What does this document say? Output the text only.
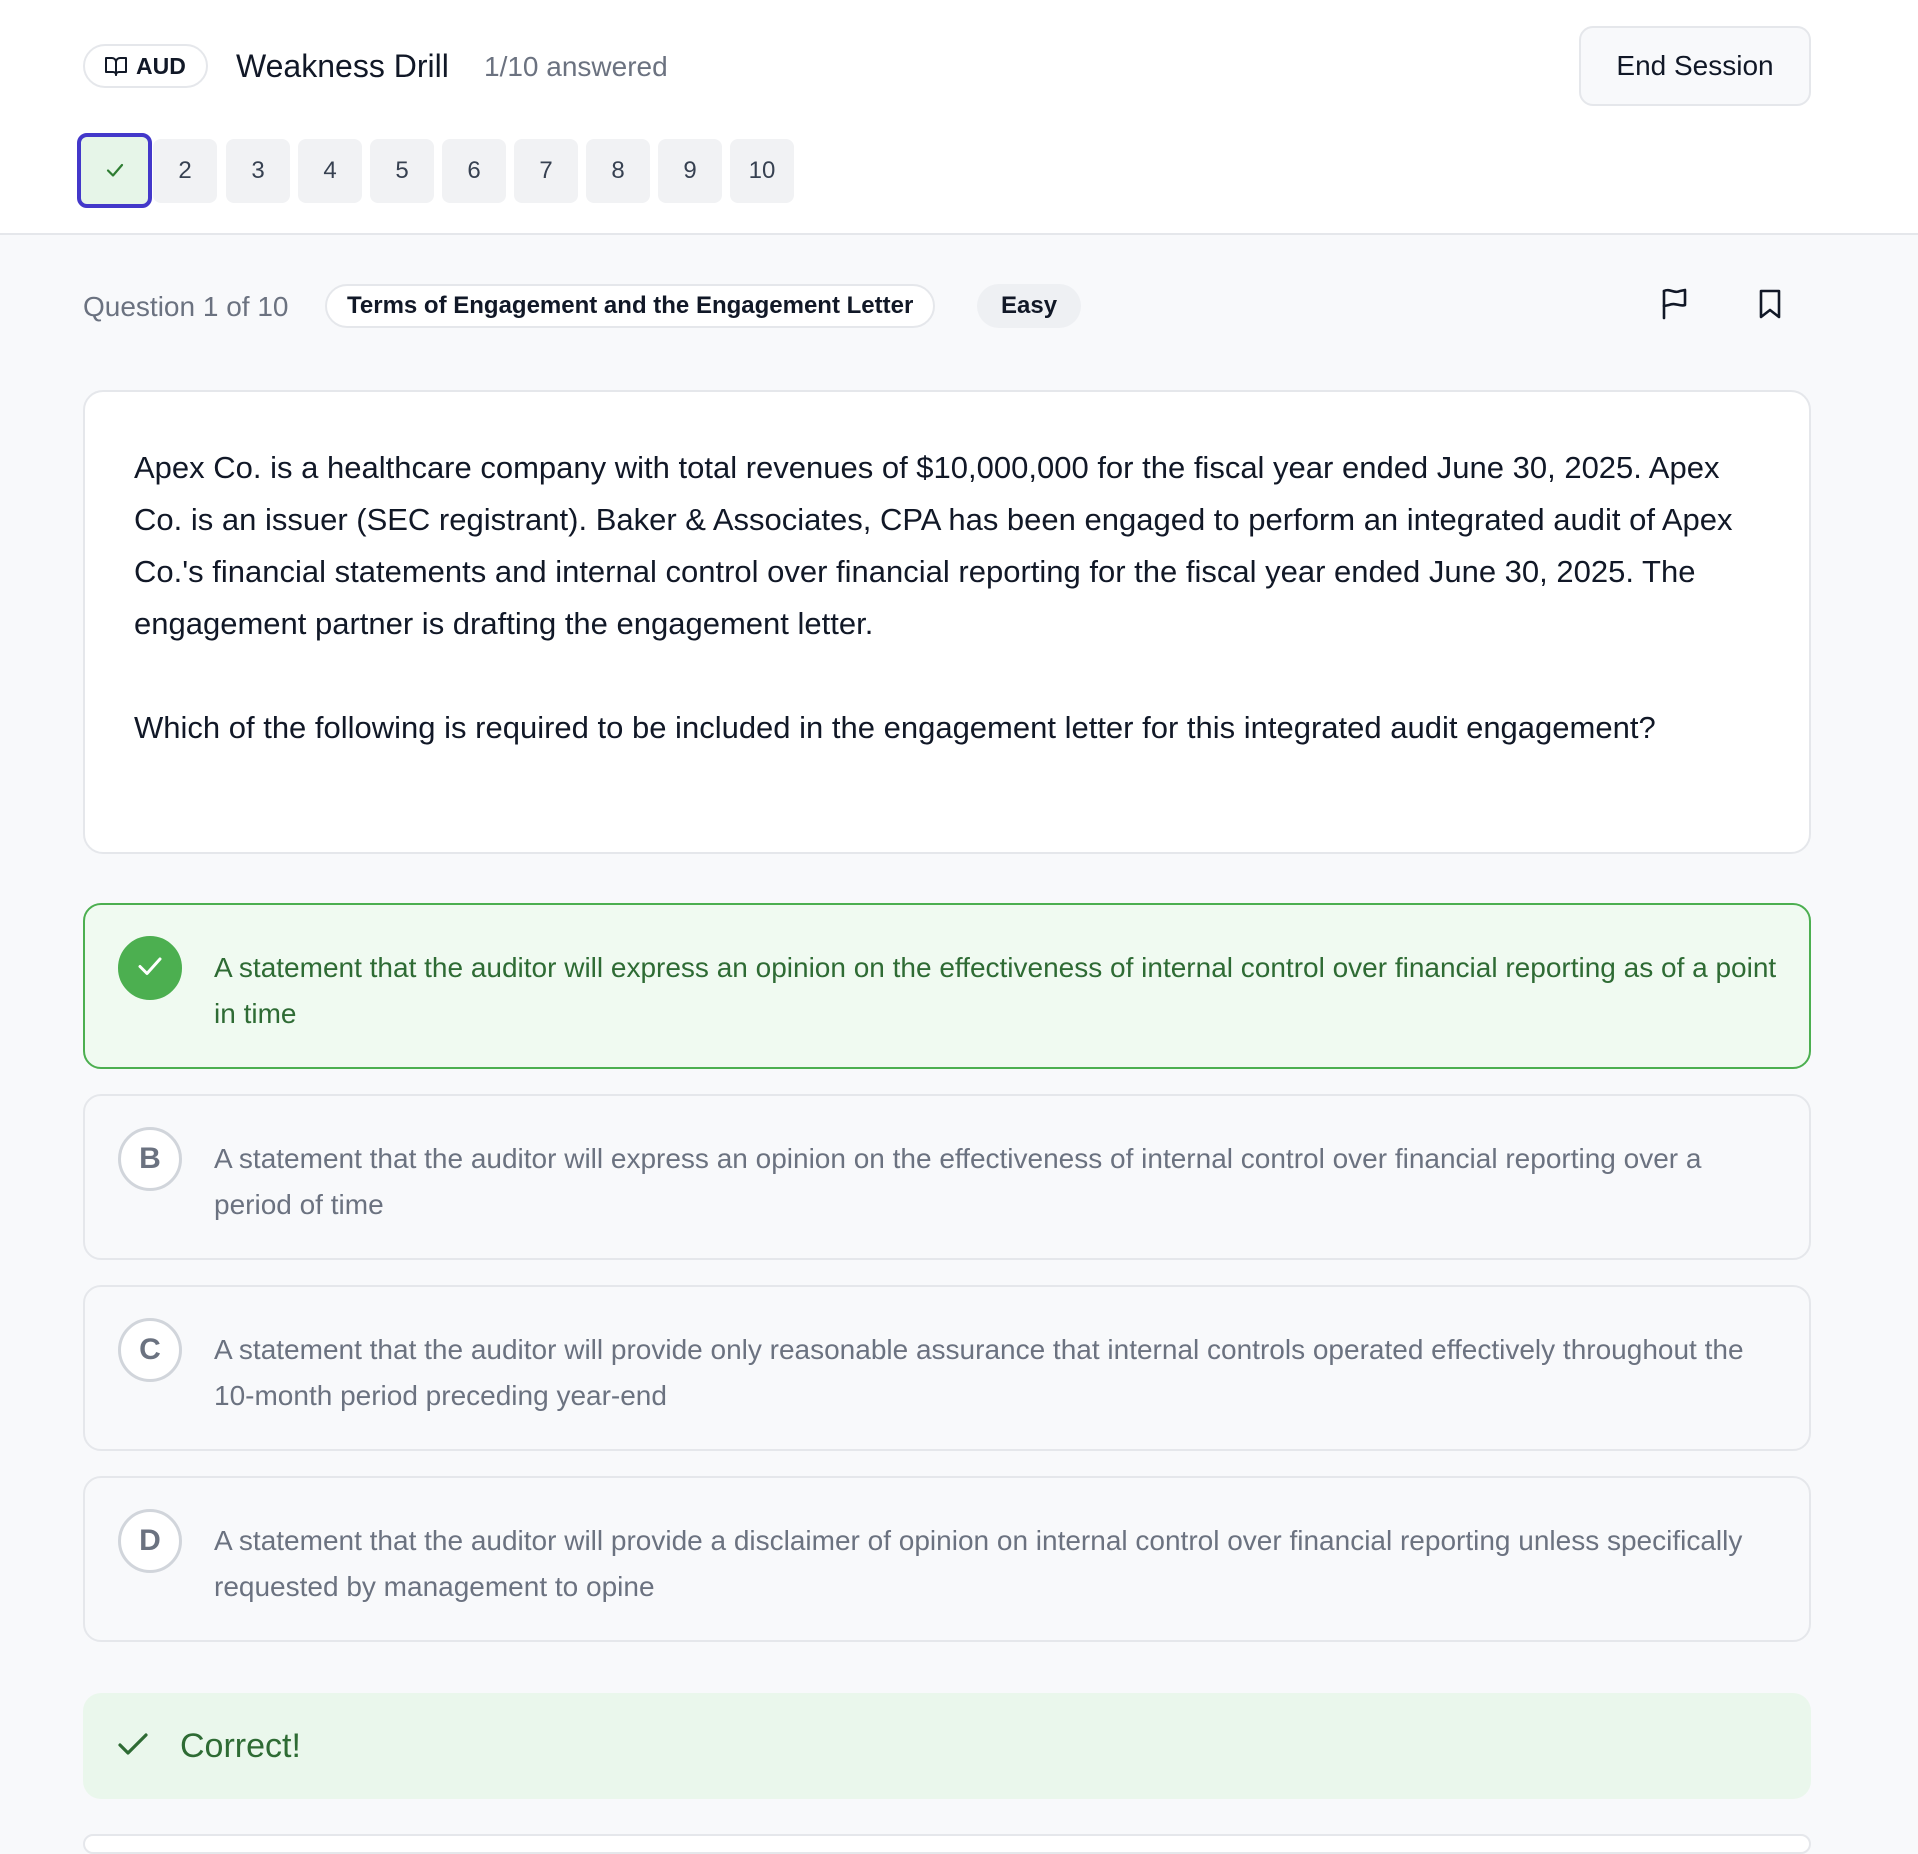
AUD Weakness Drill 1/10 answered	End Session
2	3	4	5	6	7	8	9	10
Question 1 of 10	Terms of Engagement and the Engagement Letter	Easy

Apex Co. is a healthcare company with total revenues of $10,000,000 for the fiscal year ended June 30, 2025. Apex Co. is an issuer (SEC registrant). Baker & Associates, CPA has been engaged to perform an integrated audit of Apex Co.'s financial statements and internal control over financial reporting for the fiscal year ended June 30, 2025. The engagement partner is drafting the engagement letter.

Which of the following is required to be included in the engagement letter for this integrated audit engagement?

A statement that the auditor will express an opinion on the effectiveness of internal control over financial reporting as of a point in time
B	A statement that the auditor will express an opinion on the effectiveness of internal control over financial reporting over a period of time
C	A statement that the auditor will provide only reasonable assurance that internal controls operated effectively throughout the 10-month period preceding year-end
D	A statement that the auditor will provide a disclaimer of opinion on internal control over financial reporting unless specifically requested by management to opine
Correct!
